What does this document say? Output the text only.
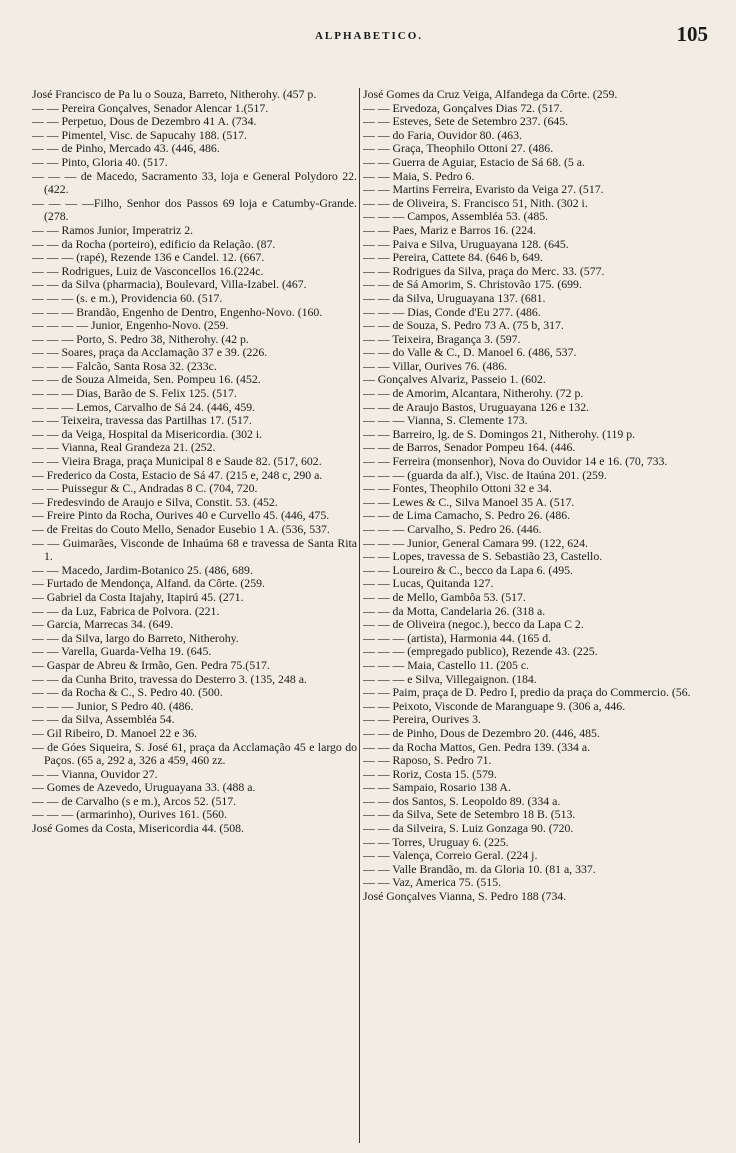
ALPHABETICO.	105

José Francisco de Pa lu o Souza, Barreto, Nitherohy. (457 p.

— — Pereira Gonçalves, Senador Alencar 1.(517.

— — Perpetuo, Dous de Dezembro 41 A. (734.

— — Pimentel, Visc. de Sapucahy 188. (517.

— — de Pinho, Mercado 43. (446, 486.

— — Pinto, Gloria 40. (517.

— — — de Macedo, Sacramento 33, loja e General Polydoro 22. (422.

— — — —Filho, Senhor dos Passos 69 loja e Catumby-Grande. (278.

— — Ramos Junior, Imperatriz 2.

— — da Rocha (porteiro), edificio da Relação. (87.

— — — (rapé), Rezende 136 e Candel. 12. (667.

— — Rodrigues, Luiz de Vasconcellos 16.(224c.

— — da Silva (pharmacia), Boulevard, Villa-Izabel. (467.

— — — (s. e m.), Providencia 60. (517.

— — — Brandão, Engenho de Dentro, Engenho-Novo. (160.

— — — — Junior, Engenho-Novo. (259.

— — — Porto, S. Pedro 38, Nitherohy. (42 p.

— — Soares, praça da Acclamação 37 e 39. (226.

— — — Falcão, Santa Rosa 32. (233c.

— — de Souza Almeida, Sen. Pompeu 16. (452.

— — — Dias, Barão de S. Felix 125. (517.

— — — Lemos, Carvalho de Sá 24. (446, 459.

— — Teixeira, travessa das Partilhas 17. (517.

— — da Veiga, Hospital da Misericordia. (302 i.

— — Vianna, Real Grandeza 21. (252.

— — Vieira Braga, praça Municipal 8 e Saude 82. (517, 602.

— Frederico da Costa, Estacio de Sá 47. (215 e, 248 c, 290 a.

— — Puissegur & C., Andradas 8 C. (704, 720.

— Fredesvindo de Araujo e Silva, Constit. 53. (452.

— Freire Pinto da Rocha, Ourives 40 e Curvello 45. (446, 475.

— de Freitas do Couto Mello, Senador Eusebio 1 A. (536, 537.

— — Guimarães, Visconde de Inhaúma 68 e travessa de Santa Rita 1.

— — Macedo, Jardim-Botanico 25. (486, 689.

— Furtado de Mendonça, Alfand. da Côrte. (259.

— Gabriel da Costa Itajahy, Itapirú 45. (271.

— — da Luz, Fabrica de Polvora. (221.

— Garcia, Marrecas 34. (649.

— — da Silva, largo do Barreto, Nitherohy.

— — Varella, Guarda-Velha 19. (645.

— Gaspar de Abreu & Irmão, Gen. Pedra 75.(517.

— — da Cunha Brito, travessa do Desterro 3. (135, 248 a.

— — da Rocha & C., S. Pedro 40. (500.

— — — Junior, S Pedro 40. (486.

— — da Silva, Assembléa 54.

— Gil Ribeiro, D. Manoel 22 e 36.

— de Góes Siqueira, S. José 61, praça da Acclamação 45 e largo do Paços. (65 a, 292 a, 326 a 459, 460 zz.

— — Vianna, Ouvidor 27.

— Gomes de Azevedo, Uruguayana 33. (488 a.

— — de Carvalho (s e m.), Arcos 52. (517.

— — — (armarinho), Ourives 161. (560.

José Gomes da Costa, Misericordia 44. (508.

José Gomes da Cruz Veiga, Alfandega da Côrte. (259.

— — Ervedoza, Gonçalves Dias 72. (517.

— — Esteves, Sete de Setembro 237. (645.

— — do Faria, Ouvidor 80. (463.

— — Graça, Theophilo Ottoni 27. (486.

— — Guerra de Aguiar, Estacio de Sá 68. (5 a.

— — Maia, S. Pedro 6.

— — Martins Ferreira, Evaristo da Veiga 27. (517.

— — de Oliveira, S. Francisco 51, Nith. (302 i.

— — — Campos, Assembléa 53. (485.

— — Paes, Mariz e Barros 16. (224.

— — Paiva e Silva, Uruguayana 128. (645.

— — Pereira, Cattete 84. (646 b, 649.

— — Rodrigues da Silva, praça do Merc. 33. (577.

— — de Sá Amorim, S. Christovão 175. (699.

— — da Silva, Uruguayana 137. (681.

— — — Dias, Conde d'Eu 277. (486.

— — de Souza, S. Pedro 73 A. (75 b, 317.

— — Teixeira, Bragança 3. (597.

— — do Valle & C., D. Manoel 6. (486, 537.

— — Villar, Ourives 76. (486.

— Gonçalves Alvariz, Passeio 1. (602.

— — de Amorim, Alcantara, Nitherohy. (72 p.

— — de Araujo Bastos, Uruguayana 126 e 132.

— — — Vianna, S. Clemente 173.

— — Barreiro, lg. de S. Domingos 21, Nitherohy. (119 p.

— — de Barros, Senador Pompeu 164. (446.

— — Ferreira (monsenhor), Nova do Ouvidor 14 e 16. (70, 733.

— — — (guarda da alf.), Visc. de Itaúna 201. (259.

— — Fontes, Theophilo Ottoni 32 e 34.

— — Lewes & C., Silva Manoel 35 A. (517.

— — de Lima Camacho, S. Pedro 26. (486.

— — — Carvalho, S. Pedro 26. (446.

— — — Junior, General Camara 99. (122, 624.

— — Lopes, travessa de S. Sebastião 23, Castello.

— — Loureiro & C., becco da Lapa 6. (495.

— — Lucas, Quitanda 127.

— — de Mello, Gambôa 53. (517.

— — da Motta, Candelaria 26. (318 a.

— — de Oliveira (negoc.), becco da Lapa C 2.

— — — (artista), Harmonia 44. (165 d.

— — — (empregado publico), Rezende 43. (225.

— — — Maia, Castello 11. (205 c.

— — — e Silva, Villegaignon. (184.

— — Paim, praça de D. Pedro I, predio da praça do Commercio. (56.

— — Peixoto, Visconde de Maranguape 9. (306 a, 446.

— — Pereira, Ourives 3.

— — de Pinho, Dous de Dezembro 20. (446, 485.

— — da Rocha Mattos, Gen. Pedra 139. (334 a.

— — Raposo, S. Pedro 71.

— — Roriz, Costa 15. (579.

— — Sampaio, Rosario 138 A.

— — dos Santos, S. Leopoldo 89. (334 a.

— — da Silva, Sete de Setembro 18 B. (513.

— — da Silveira, S. Luiz Gonzaga 90. (720.

— — Torres, Uruguay 6. (225.

— — Valença, Correio Geral. (224 j.

— — Valle Brandão, m. da Gloria 10. (81 a, 337.

— — Vaz, America 75. (515.

José Gonçalves Vianna, S. Pedro 188 (734.
